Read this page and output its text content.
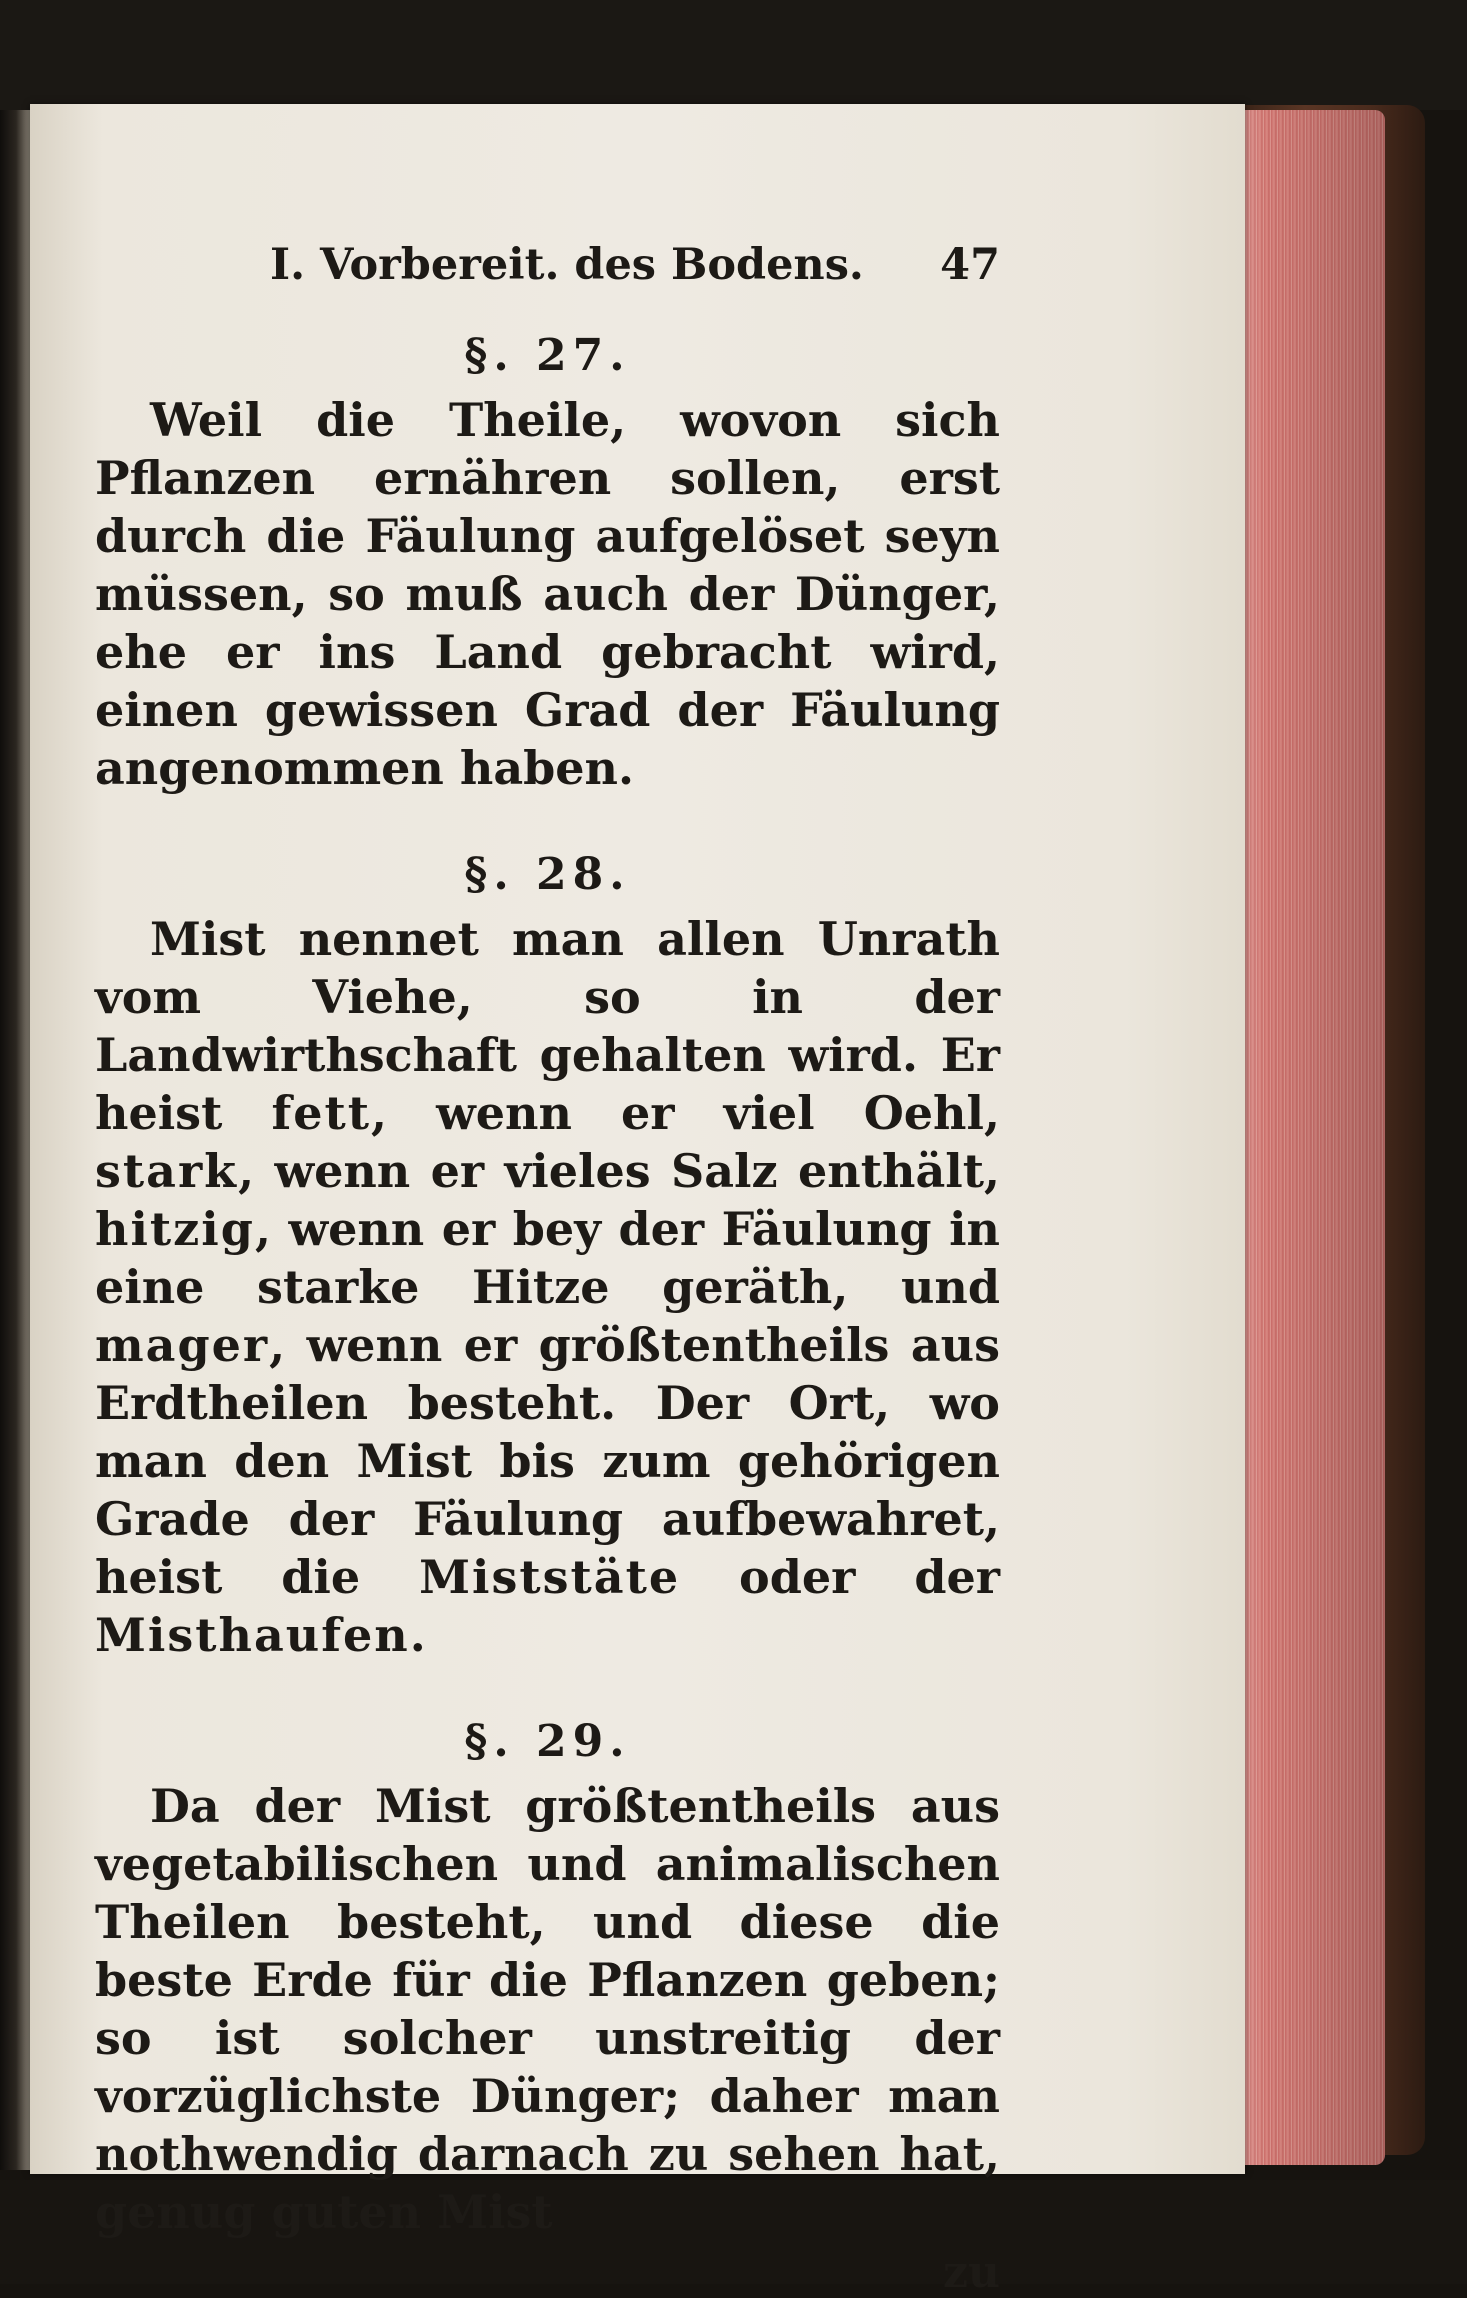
I. Vorbereit. des Bodens. 47

§. 27.

Weil die Theile, wovon sich Pflanzen ernähren sollen, erst durch die Fäulung aufgelöset seyn müssen, so muß auch der Dünger, ehe er ins Land gebracht wird, einen gewissen Grad der Fäulung angenommen haben.

§. 28.

Mist nennet man allen Unrath vom Viehe, so in der Landwirthschaft gehalten wird. Er heist fett, wenn er viel Oehl, stark, wenn er vieles Salz enthält, hitzig, wenn er bey der Fäulung in eine starke Hitze geräth, und mager, wenn er größtentheils aus Erdtheilen besteht. Der Ort, wo man den Mist bis zum gehörigen Grade der Fäulung aufbewahret, heist die Miststäte oder der Misthaufen.

§. 29.

Da der Mist größtentheils aus vegetabilischen und animalischen Theilen besteht, und diese die beste Erde für die Pflanzen geben; so ist solcher unstreitig der vorzüglichste Dünger; daher man nothwendig darnach zu sehen hat, genug guten Mist

zu
